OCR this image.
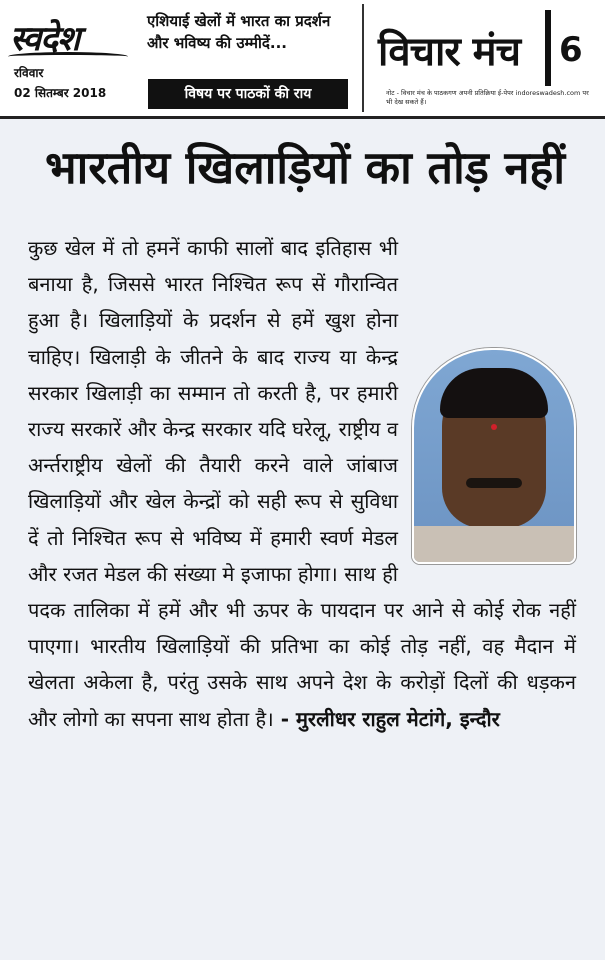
स्वदेश
रविवार
02 सितम्बर 2018
एशियाई खेलों में भारत का प्रदर्शन और भविष्य की उम्मीदें...
विषय पर पाठकों की राय
विचार मंच 6
नोट - विचार मंच के पाठकगण अपनी प्रतिक्रिया ई-पेपर indoreswadesh.com पर भी देख सकते हैं।
भारतीय खिलाड़ियों का तोड़ नहीं
कुछ खेल में तो हमनें काफी सालों बाद इतिहास भी बनाया है, जिससे भारत निश्चित रूप सें गौरान्वित हुआ है। खिलाड़ियों के प्रदर्शन से हमें खुश होना चाहिए। खिलाड़ी के जीतने के बाद राज्य या केन्द्र सरकार खिलाड़ी का सम्मान तो करती है, पर हमारी राज्य सरकारें और केन्द्र सरकार यदि घरेलू, राष्ट्रीय व अर्न्तराष्ट्रीय खेलों की तैयारी करने वाले जांबाज खिलाड़ियों और खेल केन्द्रों को सही रूप से सुविधा दें तो निश्चित रूप से भविष्य में हमारी स्वर्ण मेडल और रजत मेडल की संख्या मे इजाफा होगा। साथ ही पदक तालिका में हमें और भी ऊपर के पायदान पर आने से कोई रोक नहीं पाएगा। भारतीय खिलाड़ियों की प्रतिभा का कोई तोड़ नहीं, वह मैदान में खेलता अकेला है, परंतु उसके साथ अपने देश के करोड़ों दिलों की धड़कन और लोगो का सपना साथ होता है। - मुरलीधर राहुल मेटांगे, इन्दौर
